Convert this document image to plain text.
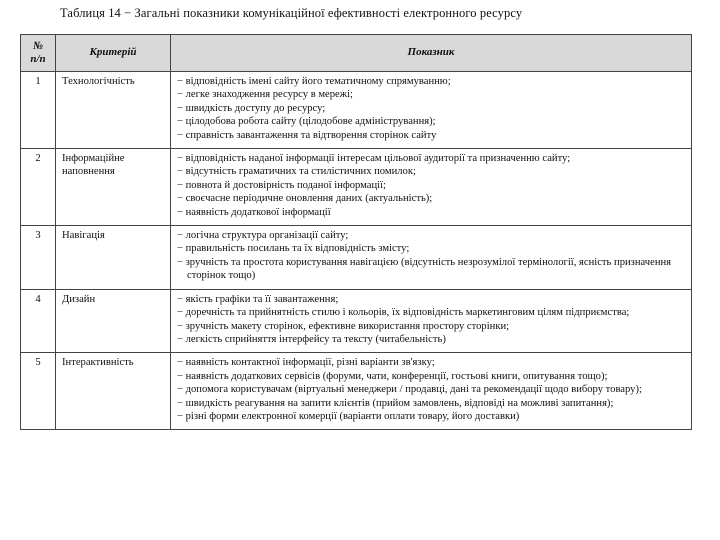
Таблиця 14 − Загальні показники комунікаційної ефективності електронного ресурсу
№
п/п	Критерій	Показник
1	Технологічність	− відповідність імені сайту його тематичному спрямуванню;
− легке знаходження ресурсу в мережі;
− швидкість доступу до ресурсу;
− цілодобова робота сайту (цілодобове адміністрування);
− справність завантаження та відтворення сторінок сайту

2	Інформаційне наповнення	− відповідність наданої інформації інтересам цільової аудиторії та призначенню сайту;
− відсутність граматичних та стилістичних помилок;
− повнота й достовірність поданої інформації;
− своєчасне періодичне оновлення даних (актуальність);
− наявність додаткової інформації

3	Навігація	− логічна структура організації сайту;
− правильність посилань та їх відповідність змісту;
− зручність та простота користування навігацією (відсутність незрозумілої термінології, ясність призначення сторінок тощо)

4	Дизайн	− якість графіки та її завантаження;
− доречність та прийнятність стилю і кольорів, їх відповідність маркетинговим цілям підприємства;
− зручність макету сторінок, ефективне використання простору сторінки;
− легкість сприйняття інтерфейсу та тексту (читабельність)

5	Інтерактивність	− наявність контактної інформації, різні варіанти зв'язку;
− наявність додаткових сервісів (форуми, чати, конференції, гостьові книги, опитування тощо);
− допомога користувачам (віртуальні менеджери / продавці, дані та рекомендації щодо вибору товару);
− швидкість реагування на запити клієнтів (прийом замовлень, відповіді на можливі запитання);
− різні форми електронної комерції (варіанти оплати товару, його доставки)
